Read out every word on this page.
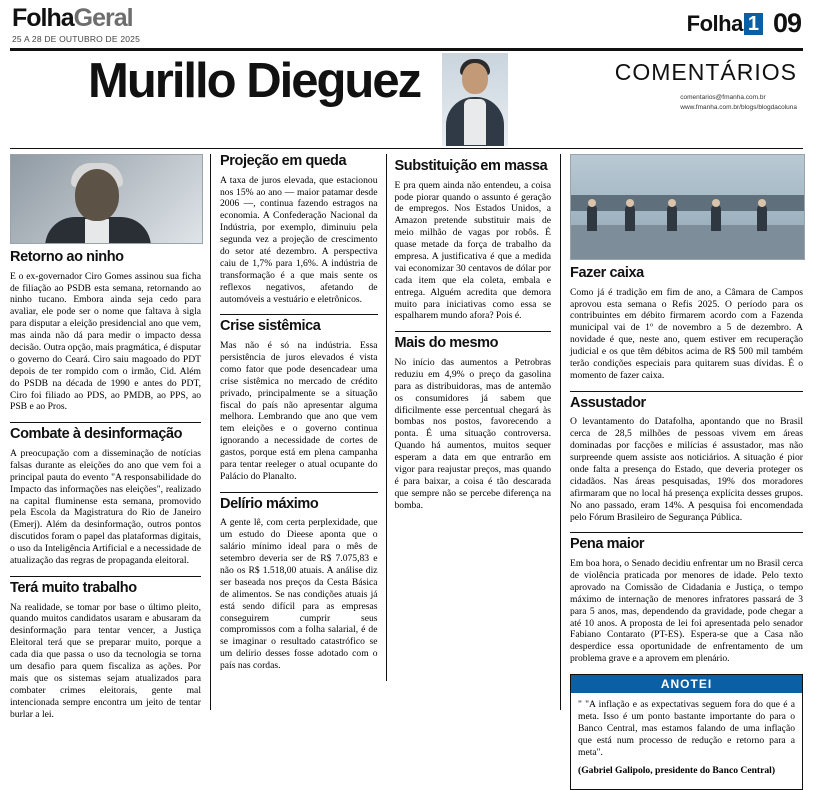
FolhaGeral
25 A 28 DE OUTUBRO DE 2025
Folha 1 09
Murillo Dieguez	COMENTÁRIOS
comentarios@fmanha.com.br
www.fmanha.com.br/blogs/blogdacoluna
Retorno ao ninho

E o ex-governador Ciro Gomes assinou sua ficha de filiação ao PSDB esta semana, retornando ao ninho tucano. Embora ainda seja cedo para avaliar, ele pode ser o nome que faltava à sigla para disputar a eleição presidencial ano que vem, mas ainda não dá para medir o impacto dessa decisão. Outra opção, mais pragmática, é disputar o governo do Ceará. Ciro saiu magoado do PDT depois de ter rompido com o irmão, Cid. Além do PSDB na década de 1990 e antes do PDT, Ciro foi filiado ao PDS, ao PMDB, ao PPS, ao PSB e ao Pros.

Combate à desinformação

A preocupação com a disseminação de notícias falsas durante as eleições do ano que vem foi a principal pauta do evento "A responsabilidade do Impacto das informações nas eleições", realizado na capital fluminense esta semana, promovido pela Escola da Magistratura do Rio de Janeiro (Emerj). Além da desinformação, outros pontos discutidos foram o papel das plataformas digitais, o uso da Inteligência Artificial e a necessidade de atualização das regras de propaganda eleitoral.

Terá muito trabalho

Na realidade, se tomar por base o último pleito, quando muitos candidatos usaram e abusaram da desinformação para tentar vencer, a Justiça Eleitoral terá que se preparar muito, porque a cada dia que passa o uso da tecnologia se torna um desafio para quem fiscaliza as ações. Por mais que os sistemas sejam atualizados para combater crimes eleitorais, gente mal intencionada sempre encontra um jeito de tentar burlar a lei.

Projeção em queda

A taxa de juros elevada, que estacionou nos 15% ao ano — maior patamar desde 2006 —, continua fazendo estragos na economia. A Confederação Nacional da Indústria, por exemplo, diminuiu pela segunda vez a projeção de crescimento do setor até dezembro. A perspectiva caiu de 1,7% para 1,6%. A indústria de transformação é a que mais sente os reflexos negativos, afetando de automóveis a vestuário e eletrônicos.

Crise sistêmica

Mas não é só na indústria. Essa persistência de juros elevados é vista como fator que pode desencadear uma crise sistêmica no mercado de crédito privado, principalmente se a situação fiscal do país não apresentar alguma melhora. Lembrando que ano que vem tem eleições e o governo continua ignorando a necessidade de cortes de gastos, porque está em plena campanha para tentar reeleger o atual ocupante do Palácio do Planalto.

Delírio máximo

A gente lê, com certa perplexidade, que um estudo do Dieese aponta que o salário mínimo ideal para o mês de setembro deveria ser de R$ 7.075,83 e não os R$ 1.518,00 atuais. A análise diz ser baseada nos preços da Cesta Básica de alimentos. Se nas condições atuais já está sendo difícil para as empresas conseguirem cumprir seus compromissos com a folha salarial, é de se imaginar o resultado catastrófico se um delírio desses fosse adotado com o país nas cordas.

Substituição em massa

E pra quem ainda não entendeu, a coisa pode piorar quando o assunto é geração de empregos. Nos Estados Unidos, a Amazon pretende substituir mais de meio milhão de vagas por robôs. É quase metade da força de trabalho da empresa. A justificativa é que a medida vai economizar 30 centavos de dólar por cada item que ela coleta, embala e entrega. Alguém acredita que demora muito para iniciativas como essa se espalharem mundo afora? Pois é.

Mais do mesmo

No início das aumentos a Petrobras reduziu em 4,9% o preço da gasolina para as distribuidoras, mas de antemão os consumidores já sabem que dificilmente esse percentual chegará às bombas nos postos, favorecendo a ponta. É uma situação controversa. Quando há aumentos, muitos sequer esperam a data em que entrarão em vigor para reajustar preços, mas quando é para baixar, a coisa é tão descarada que sempre não se percebe diferença na bomba.

Fazer caixa

Como já é tradição em fim de ano, a Câmara de Campos aprovou esta semana o Refis 2025. O período para os contribuintes em débito firmarem acordo com a Fazenda municipal vai de 1º de novembro a 5 de dezembro. A novidade é que, neste ano, quem estiver em recuperação judicial e os que têm débitos acima de R$ 500 mil também terão condições especiais para quitarem suas dívidas. É o momento de fazer caixa.

Assustador

O levantamento do Datafolha, apontando que no Brasil cerca de 28,5 milhões de pessoas vivem em áreas dominadas por facções e milícias é assustador, mas não surpreende quem assiste aos noticiários. A situação é pior onde falta a presença do Estado, que deveria proteger os cidadãos. Nas áreas pesquisadas, 19% dos moradores afirmaram que no local há presença explícita desses grupos. No ano passado, eram 14%. A pesquisa foi encomendada pelo Fórum Brasileiro de Segurança Pública.

Pena maior

Em boa hora, o Senado decidiu enfrentar um no Brasil cerca de violência praticada por menores de idade. Pelo texto aprovado na Comissão de Cidadania e Justiça, o tempo máximo de internação de menores infratores passará de 3 para 5 anos, mas, dependendo da gravidade, pode chegar a até 10 anos. A proposta de lei foi apresentada pelo senador Fabiano Contarato (PT-ES). Espera-se que a Casa não desperdice essa oportunidade de enfrentamento de um problema grave e a aprovem em plenário.

ANOTEI

" "A inflação e as expectativas seguem fora do que é a meta. Isso é um ponto bastante importante do para o Banco Central, mas estamos falando de uma inflação que está num processo de redução e retorno para a meta".

(Gabriel Galipolo, presidente do Banco Central)
